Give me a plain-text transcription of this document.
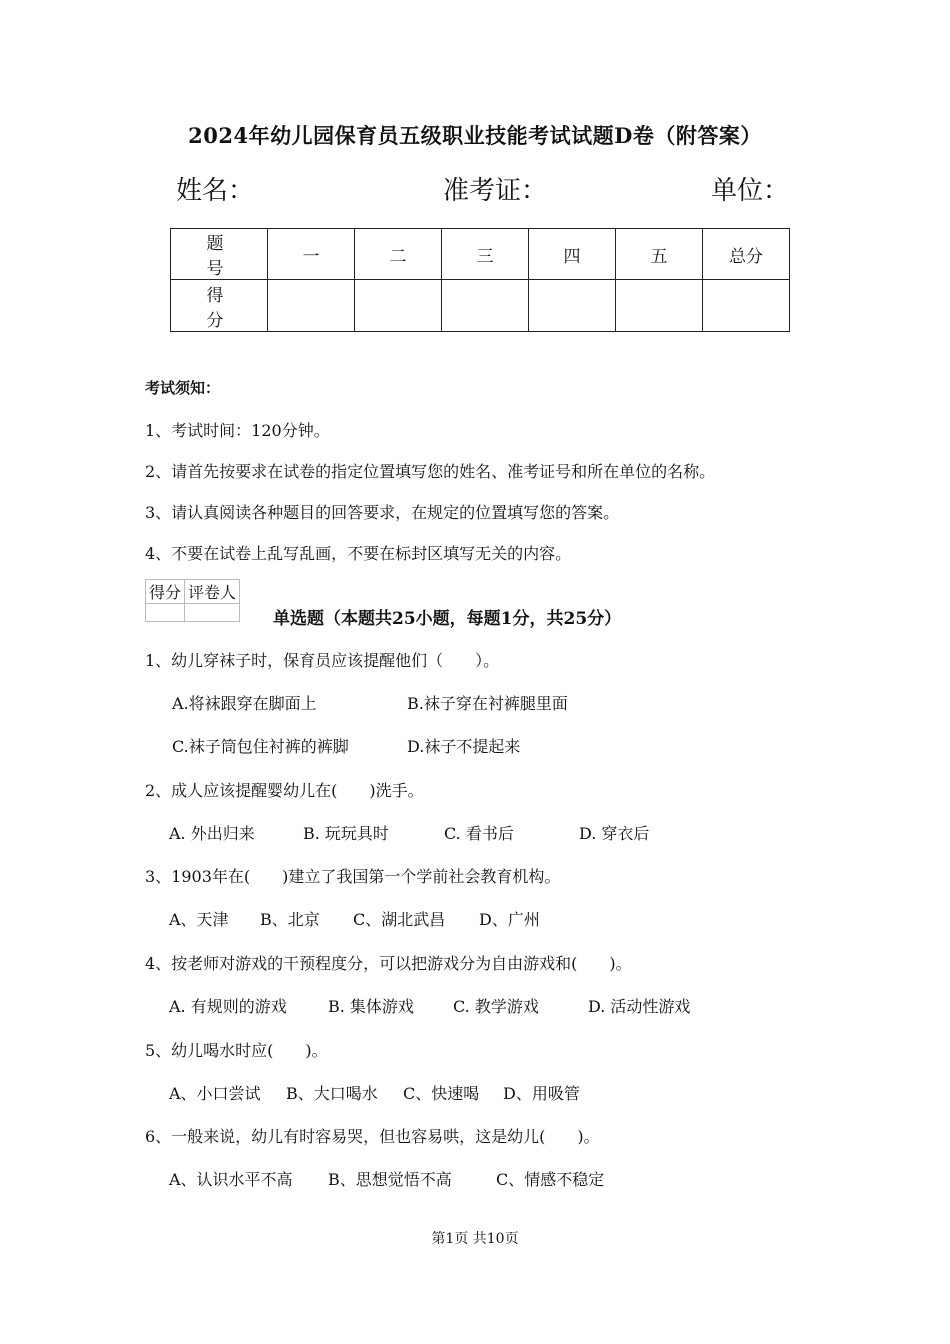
2024年幼儿园保育员五级职业技能考试试题D卷（附答案）
姓名：	准考证：	单位：
题　号	一	二	三	四	五	总分
得　分						
考试须知：
1、考试时间：120分钟。
2、请首先按要求在试卷的指定位置填写您的姓名、准考证号和所在单位的名称。
3、请认真阅读各种题目的回答要求，在规定的位置填写您的答案。
4、不要在试卷上乱写乱画，不要在标封区填写无关的内容。
得分	评卷人

单选题（本题共25小题，每题1分，共25分）
1、幼儿穿袜子时，保育员应该提醒他们（　　）。
A.将袜跟穿在脚面上	B.袜子穿在衬裤腿里面
C.袜子筒包住衬裤的裤脚	D.袜子不提起来
2、成人应该提醒婴幼儿在(　　)洗手。
A. 外出归来	B. 玩玩具时	C. 看书后	D. 穿衣后
3、1903年在(　　)建立了我国第一个学前社会教育机构。
A、天津 B、北京 C、湖北武昌 D、广州
4、按老师对游戏的干预程度分，可以把游戏分为自由游戏和(　　)。
A. 有规则的游戏	B. 集体游戏 C. 教学游戏	D. 活动性游戏
5、幼儿喝水时应(　　)。
A、小口尝试 B、大口喝水 C、快速喝 D、用吸管
6、一般来说，幼儿有时容易哭，但也容易哄，这是幼儿(　　)。
A、认识水平不高 B、思想觉悟不高	C、情感不稳定
第1页 共10页
